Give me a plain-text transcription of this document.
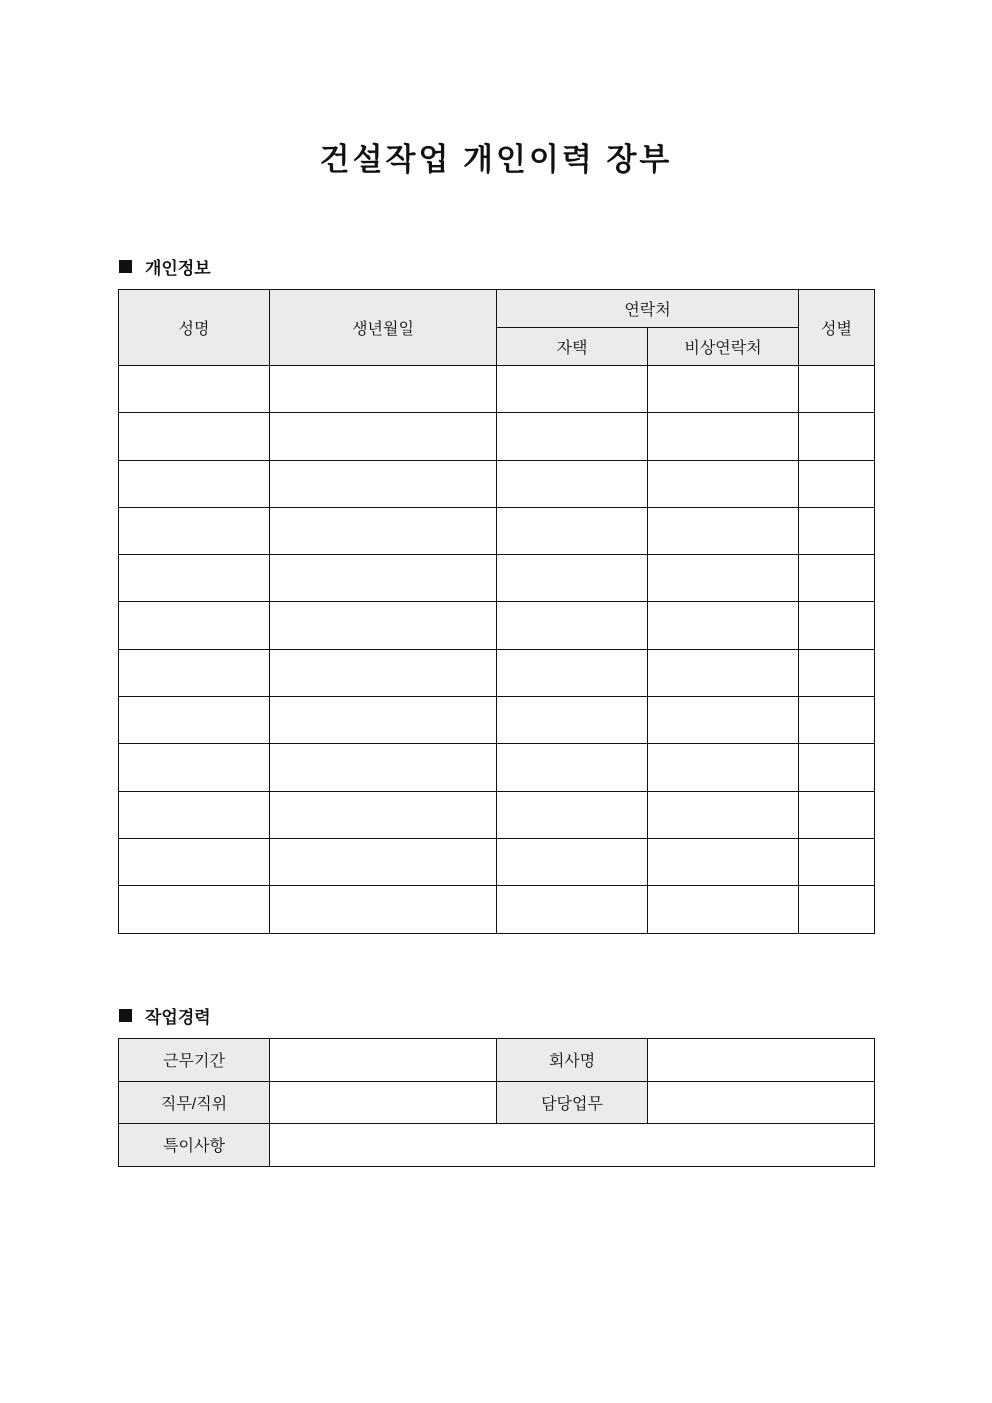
건설작업 개인이력 장부
개인정보
성명	생년월일	연락처		성별
		자택	비상연락처	

작업경력
근무기간		회사명	
직무/직위		담당업무	
특이사항			
